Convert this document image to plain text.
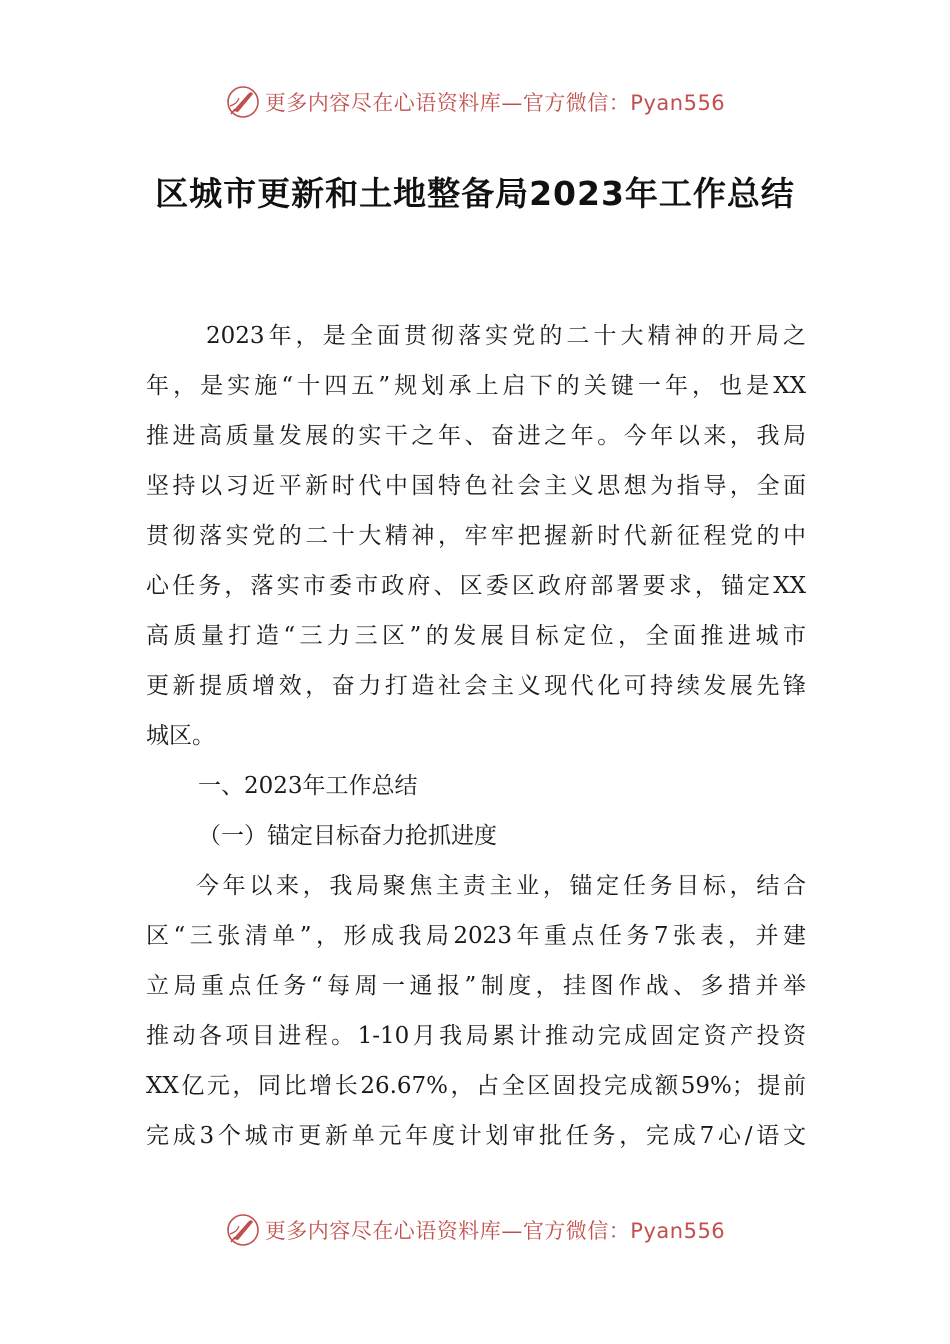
更多内容尽在心语资料库—官方微信：Pyan556
区城市更新和土地整备局2023年工作总结
2023年，是全面贯彻落实党的二十大精神的开局之
年，是实施“十四五”规划承上启下的关键一年，也是XX
推进高质量发展的实干之年、奋进之年。今年以来，我局
坚持以习近平新时代中国特色社会主义思想为指导，全面
贯彻落实党的二十大精神，牢牢把握新时代新征程党的中
心任务，落实市委市政府、区委区政府部署要求，锚定XX
高质量打造“三力三区”的发展目标定位，全面推进城市
更新提质增效，奋力打造社会主义现代化可持续发展先锋
城区。
一、2023年工作总结
（一）锚定目标奋力抢抓进度
今年以来，我局聚焦主责主业，锚定任务目标，结合
区“三张清单”，形成我局2023年重点任务7张表，并建
立局重点任务“每周一通报”制度，挂图作战、多措并举
推动各项目进程。1-10月我局累计推动完成固定资产投资
XX亿元，同比增长26.67%，占全区固投完成额59%；提前
完成3个城市更新单元年度计划审批任务，完成7心/语文
更多内容尽在心语资料库—官方微信：Pyan556
